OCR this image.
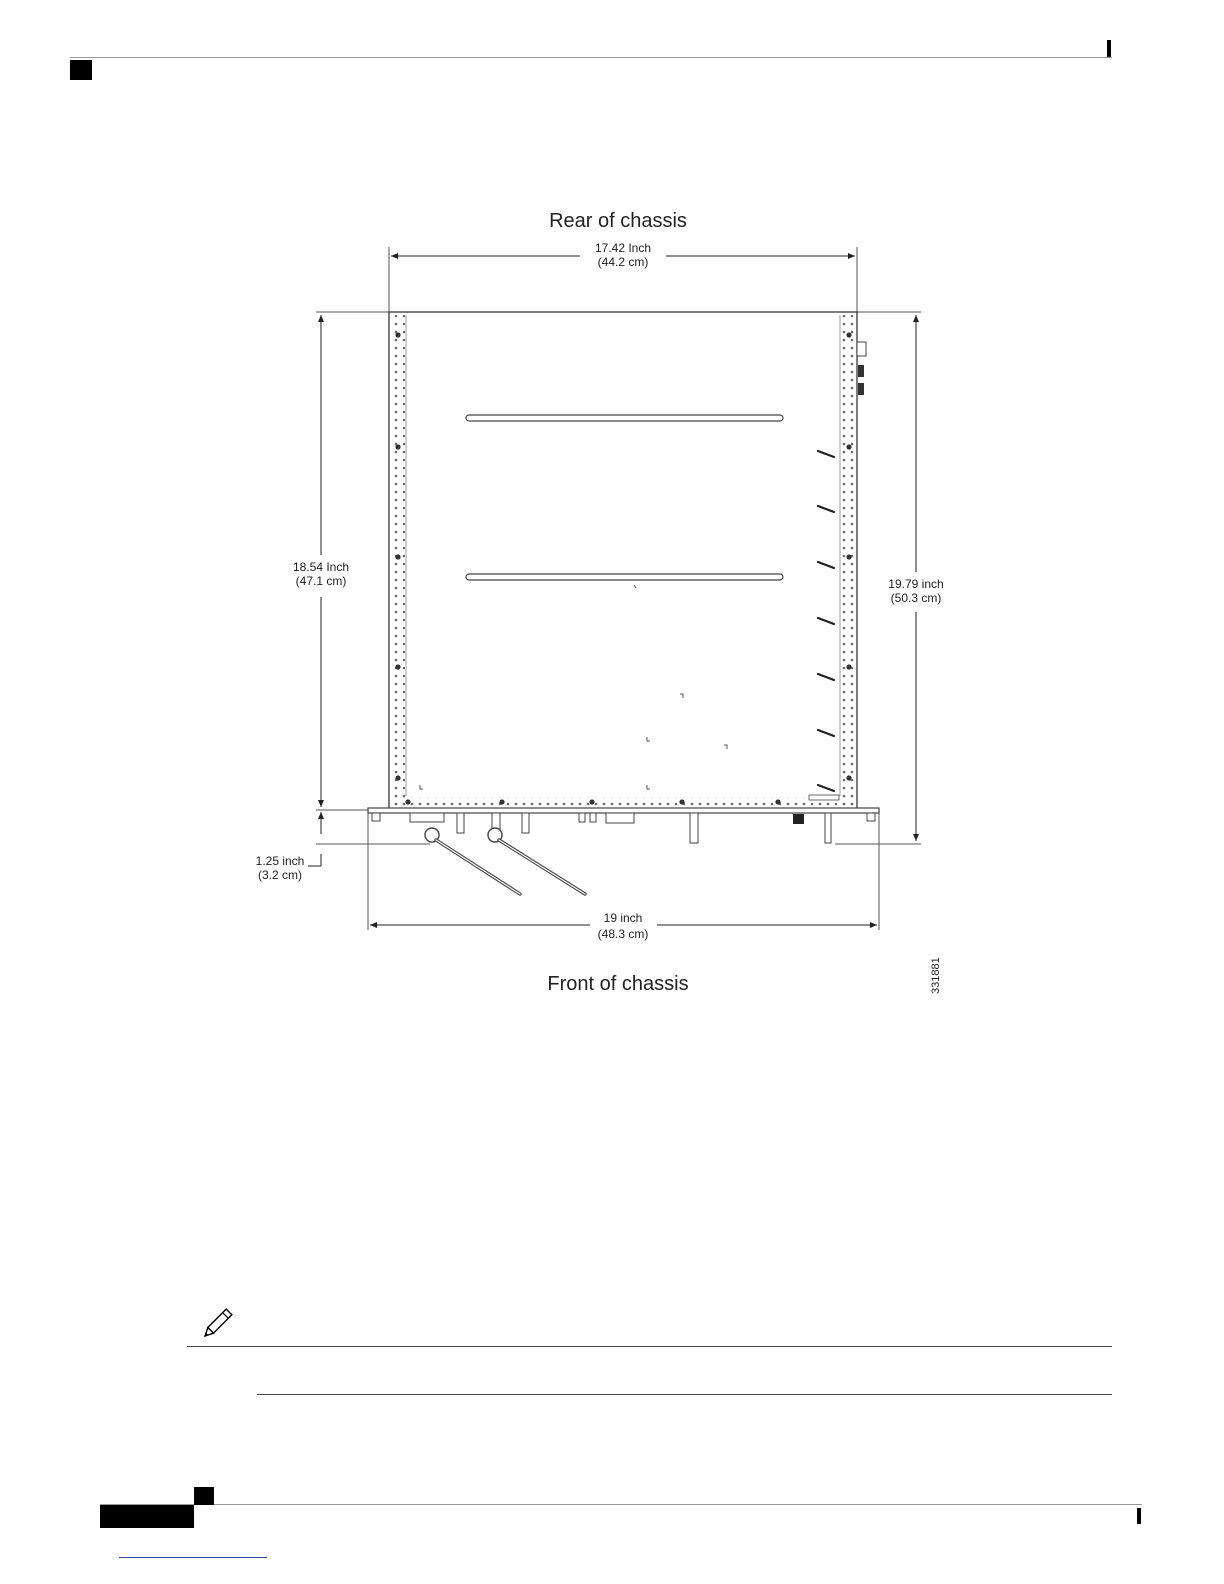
Rear of chassis
Front of chassis
17.42 Inch
(44.2 cm)
18.54 Inch
(47.1 cm)	19.79 inch
(50.3 cm)
1.25 inch
(3.2 cm)
19 inch
(48.3 cm)
331881
